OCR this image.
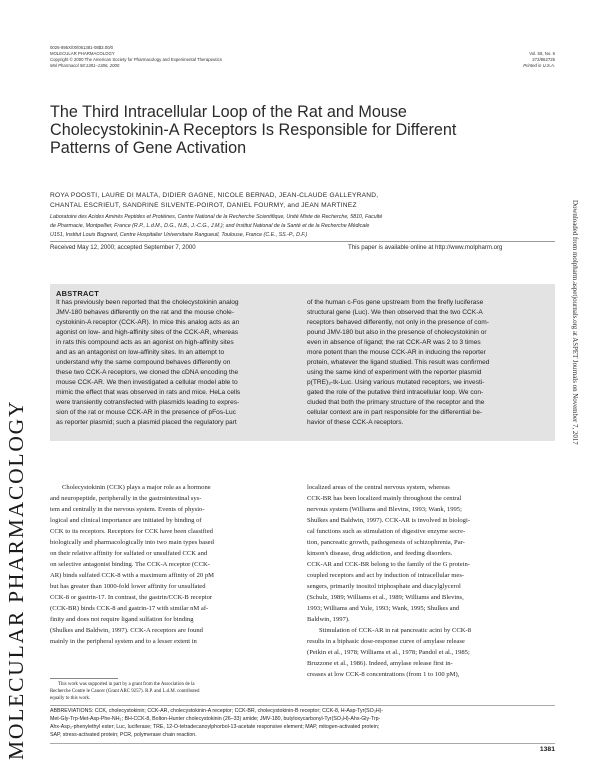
MOLECULAR PHARMACOLOGY
Downloaded from molpharm.aspetjournals.org at ASPET Journals on November 7, 2017
0026-895X/00/061381-08$3.00/0
MOLECULAR PHARMACOLOGY
Copyright © 2000 The American Society for Pharmacology and Experimental Therapeutics
Mol Pharmacol 58:1381–1386, 2000
Vol. 58, No. 6
272/862725
Printed in U.S.A.
The Third Intracellular Loop of the Rat and Mouse
Cholecystokinin-A Receptors Is Responsible for Different
Patterns of Gene Activation
ROYA POOSTI, LAURE DI MALTA, DIDIER GAGNE, NICOLE BERNAD, JEAN-CLAUDE GALLEYRAND,
CHANTAL ESCRIEUT, SANDRINE SILVENTE-POIROT, DANIEL FOURMY, and JEAN MARTINEZ
Laboratoire des Acides Aminés Peptides et Protéines, Centre National de la Recherche Scientifique, Unité Mixte de Recherche, 5810, Faculté
de Pharmacie, Montpellier, France (R.P., L.d.M., D.G., N.B., J.-C.G., J.M.); and Institut National de la Santé et de la Recherche Médicale
U151, Institut Louis Bugnard, Centre Hospitalier Universitaire Rangueuil, Toulouse, France (C.E., SS.-P., D.F.)
Received May 12, 2000; accepted September 7, 2000	This paper is available online at http://www.molpharm.org
ABSTRACT
It has previously been reported that the cholecystokinin analog
JMV-180 behaves differently on the rat and the mouse chole-
cystokinin-A receptor (CCK-AR). In mice this analog acts as an
agonist on low- and high-affinity sites of the CCK-AR, whereas
in rats this compound acts as an agonist on high-affinity sites
and as an antagonist on low-affinity sites. In an attempt to
understand why the same compound behaves differently on
these two CCK-A receptors, we cloned the cDNA encoding the
mouse CCK-AR. We then investigated a cellular model able to
mimic the effect that was observed in rats and mice. HeLa cells
were transiently cotransfected with plasmids leading to expres-
sion of the rat or mouse CCK-AR in the presence of pFos-Luc
as reporter plasmid; such a plasmid placed the regulatory part
of the human c-Fos gene upstream from the firefly luciferase
structural gene (Luc). We then observed that the two CCK-A
receptors behaved differently, not only in the presence of com-
pound JMV-180 but also in the presence of cholecystokinin or
even in absence of ligand; the rat CCK-AR was 2 to 3 times
more potent than the mouse CCK-AR in inducing the reporter
protein, whatever the ligand studied. This result was confirmed
using the same kind of experiment with the reporter plasmid
p(TRE)₃-tk-Luc. Using various mutated receptors, we investi-
gated the role of the putative third intracellular loop. We con-
cluded that both the primary structure of the receptor and the
cellular context are in part responsible for the differential be-
havior of these CCK-A receptors.
Cholecystokinin (CCK) plays a major role as a hormone
and neuropeptide, peripherally in the gastrointestinal sys-
tem and centrally in the nervous system. Events of physio-
logical and clinical importance are initiated by binding of
CCK to its receptors. Receptors for CCK have been classified
biologically and pharmacologically into two main types based
on their relative affinity for sulfated or unsulfated CCK and
on selective antagonist binding. The CCK-A receptor (CCK-
AR) binds sulfated CCK-8 with a maximum affinity of 20 pM
but has greater than 1000-fold lower affinity for unsulfated
CCK-8 or gastrin-17. In contrast, the gastrin/CCK-B receptor
(CCK-BR) binds CCK-8 and gastrin-17 with similar nM af-
finity and does not require ligand sulfation for binding
(Shulkes and Baldwin, 1997). CCK-A receptors are found
mainly in the peripheral system and to a lesser extent in
localized areas of the central nervous system, whereas
CCK-BR has been localized mainly throughout the central
nervous system (Williams and Blevins, 1993; Wank, 1995;
Shulkes and Baldwin, 1997). CCK-AR is involved in biologi-
cal functions such as stimulation of digestive enzyme secre-
tion, pancreatic growth, pathogenesis of schizophrenia, Par-
kinson's disease, drug addiction, and feeding disorders.
CCK-AR and CCK-BR belong to the family of the G protein-
coupled receptors and act by induction of intracellular mes-
sengers, primarily inositol triphosphate and diacylglycerol
(Schulz, 1989; Williams et al., 1989; Williams and Blevins,
1993; Williams and Yule, 1993; Wank, 1995; Shulkes and
Baldwin, 1997).
Stimulation of CCK-AR in rat pancreatic acini by CCK-8
results in a biphasic dose-response curve of amylase release
(Peikin et al., 1978; Williams et al., 1978; Pandol et al., 1985;
Bruzzone et al., 1986). Indeed, amylase release first in-
creases at low CCK-8 concentrations (from 1 to 100 pM),
This work was supported in part by a grant from the Association de la
Recherche Contre le Cancer (Grant ARC 9257). R.P. and L.d.M. contributed
equally to this work.
ABBREVIATIONS: CCK, cholecystokinin; CCK-AR, cholecystokinin-A receptor; CCK-BR, cholecystokinin-B receptor; CCK-8, H-Asp-Tyr(SO₃H)-
Met-Gly-Trp-Met-Asp-Phe-NH₂; BH-CCK-8, Bolton-Hunter cholecystokinin (26–33) amide; JMV-180, butyloxycarbonyl-Tyr(SO₃H)-Ahx-Gly-Trp-
Ahx-Asp₂-phenylethyl ester; Luc, luciferase; TRE, 12-O-tetradecanoylphorbol-13-acetate responsive element; MAP, mitogen-activated protein;
SAP, stress-activated protein; PCR, polymerase chain reaction.
1381
